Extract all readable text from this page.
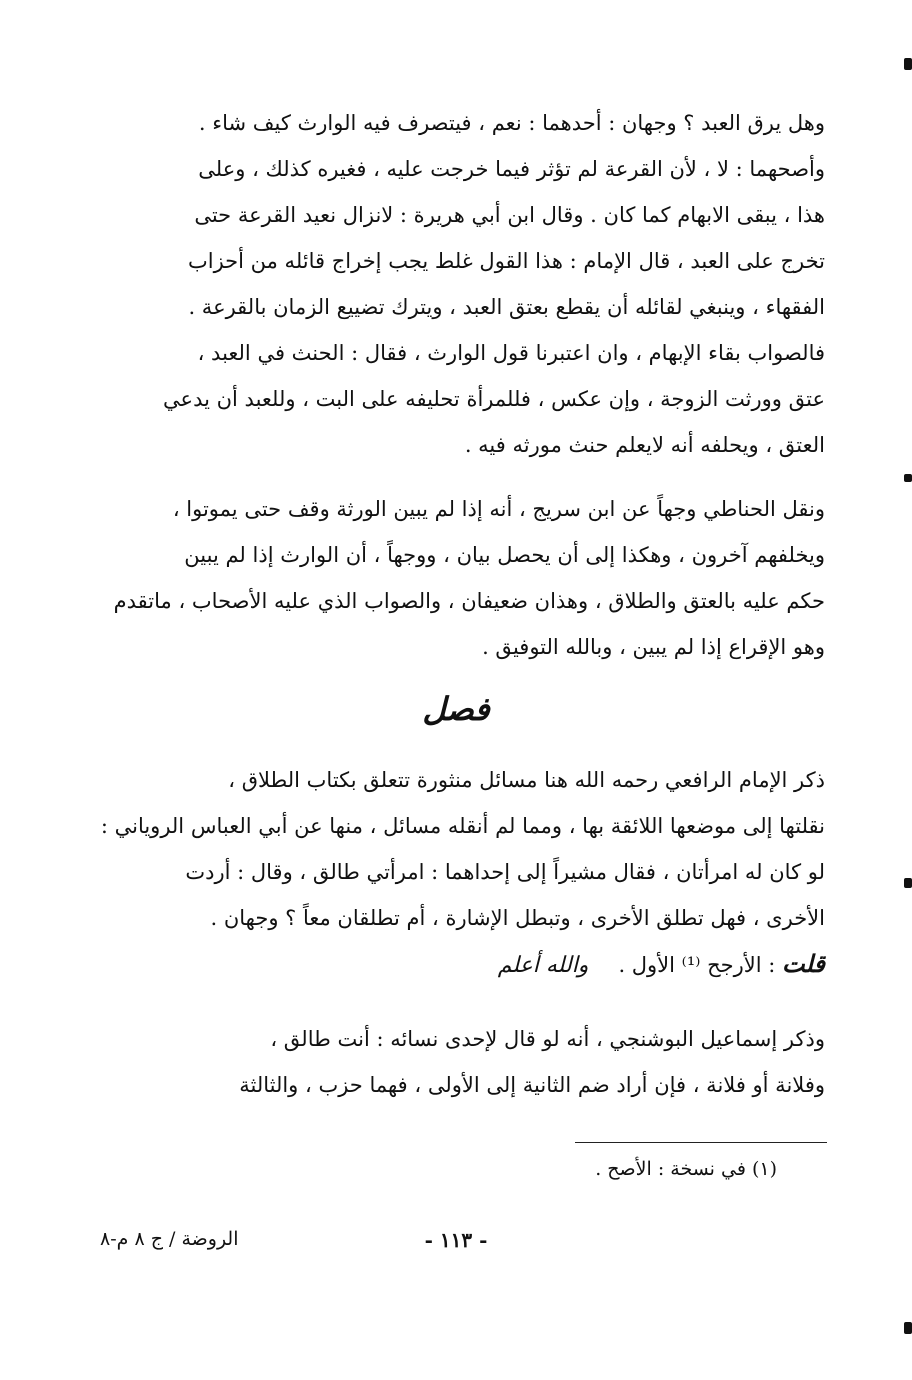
وهل يرق العبد ؟ وجهان : أحدهما : نعم ، فيتصرف فيه الوارث كيف شاء .
وأصحهما : لا ، لأن القرعة لم تؤثر فيما خرجت عليه ، فغيره كذلك ، وعلى
هذا ، يبقى الابهام كما كان . وقال ابن أبي هريرة : لانزال نعيد القرعة حتى
تخرج على العبد ، قال الإمام : هذا القول غلط يجب إخراج قائله من أحزاب
الفقهاء ، وينبغي لقائله أن يقطع بعتق العبد ، ويترك تضييع الزمان بالقرعة .
فالصواب بقاء الإبهام ، وان اعتبرنا قول الوارث ، فقال : الحنث في العبد ،
عتق وورثت الزوجة ، وإن عكس ، فللمرأة تحليفه على البت ، وللعبد أن يدعي
العتق ، ويحلفه أنه لايعلم حنث مورثه فيه .
ونقل الحناطي وجهاً عن ابن سريج ، أنه إذا لم يبين الورثة وقف حتى يموتوا ،
ويخلفهم آخرون ، وهكذا إلى أن يحصل بيان ، ووجهاً ، أن الوارث إذا لم يبين
حكم عليه بالعتق والطلاق ، وهذان ضعيفان ، والصواب الذي عليه الأصحاب ، ماتقدم
وهو الإقراع إذا لم يبين ، وبالله التوفيق .
فصل
ذكر الإمام الرافعي رحمه الله هنا مسائل منثورة تتعلق بكتاب الطلاق ،
نقلتها إلى موضعها اللائقة بها ، ومما لم أنقله مسائل ، منها عن أبي العباس الروياني :
لو كان له امرأتان ، فقال مشيراً إلى إحداهما : امرأتي طالق ، وقال : أردت
الأخرى ، فهل تطلق الأخرى ، وتبطل الإشارة ، أم تطلقان معاً ؟ وجهان .
قلت : الأرجح ⁽¹⁾ الأول .والله أعلم
وذكر إسماعيل البوشنجي ، أنه لو قال لإحدى نسائه : أنت طالق ،
وفلانة أو فلانة ، فإن أراد ضم الثانية إلى الأولى ، فهما حزب ، والثالثة
(١) في نسخة : الأصح .
- ١١٣ -
الروضة / ج ٨ م-٨
